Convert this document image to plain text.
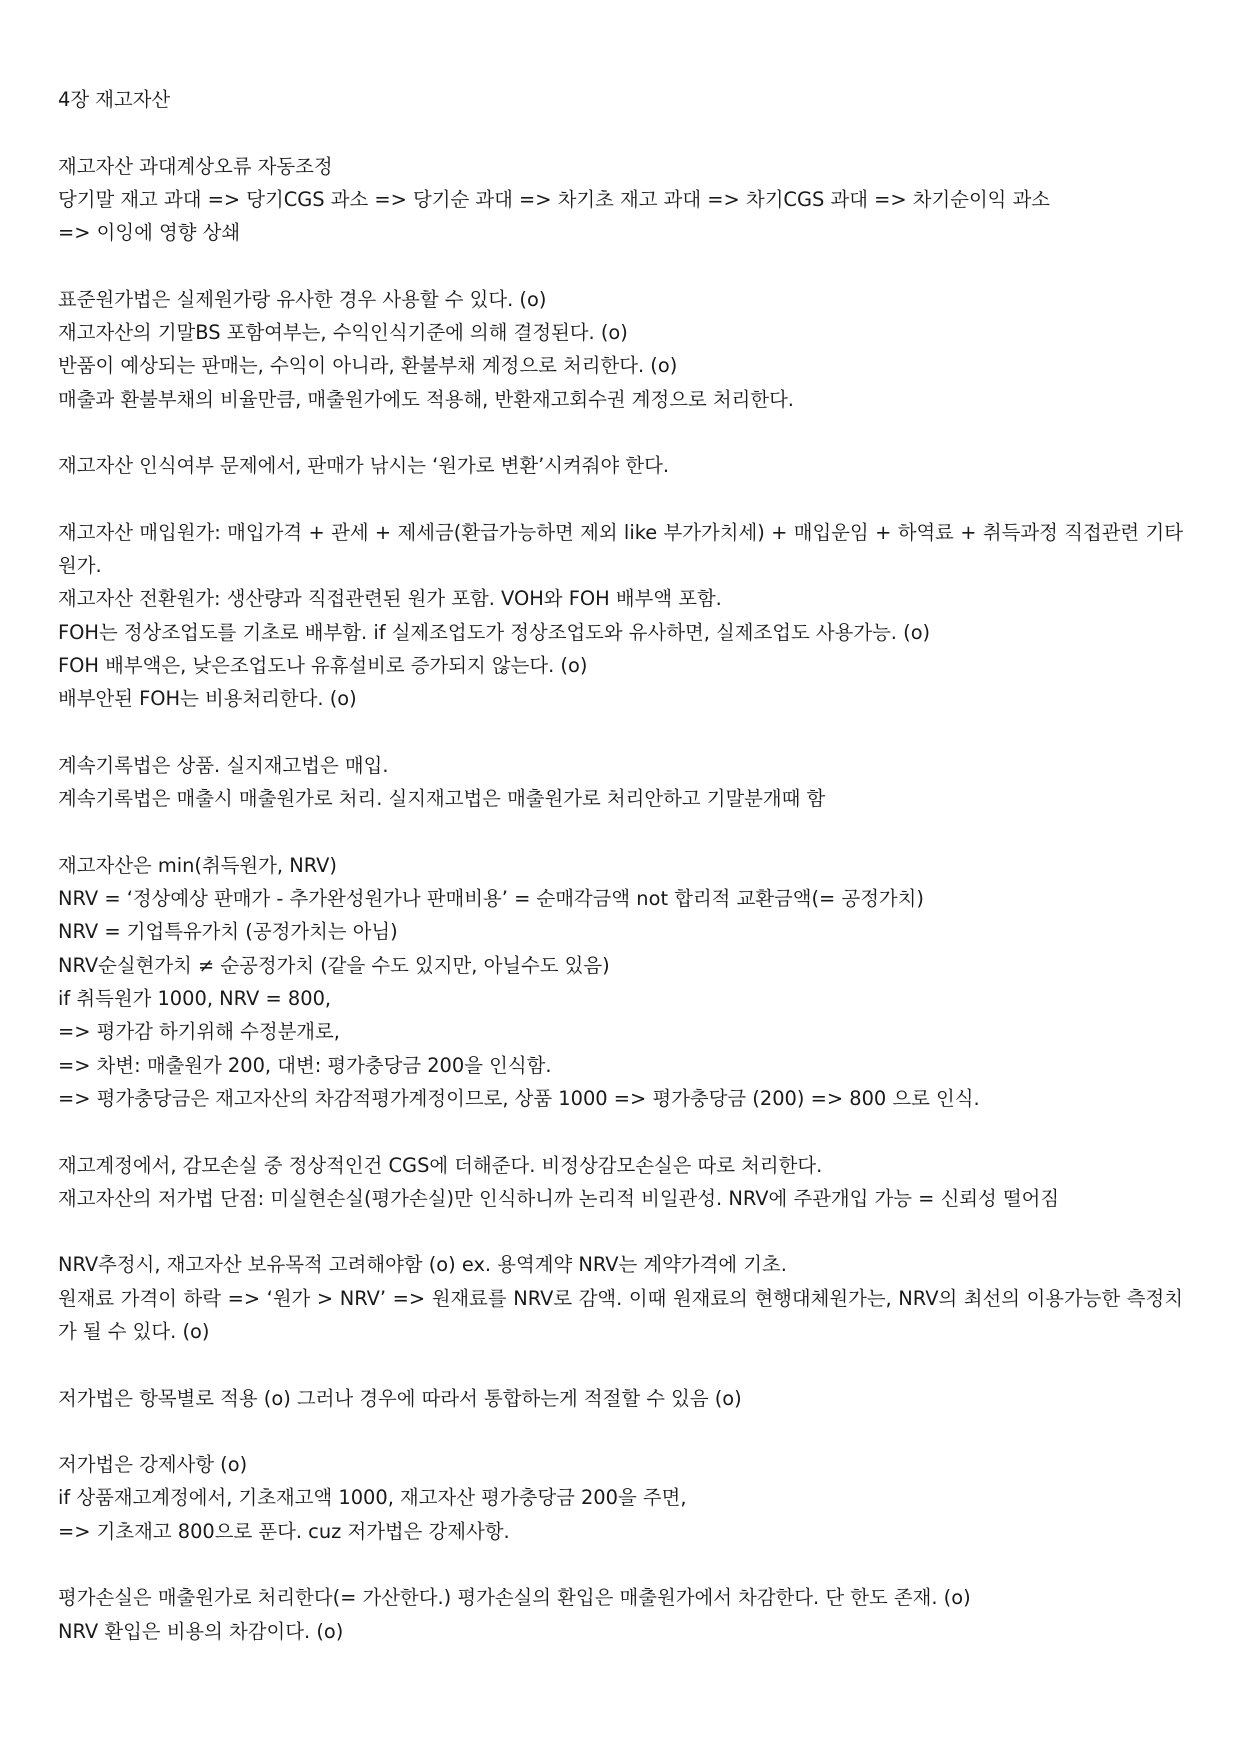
4장 재고자산

재고자산 과대계상오류 자동조정

당기말 재고 과대 => 당기CGS 과소 => 당기순 과대 => 차기초 재고 과대 => 차기CGS 과대 => 차기순이익 과소

=> 이잉에 영향 상쇄

표준원가법은 실제원가랑 유사한 경우 사용할 수 있다. (o)

재고자산의 기말BS 포함여부는, 수익인식기준에 의해 결정된다. (o)

반품이 예상되는 판매는, 수익이 아니라, 환불부채 계정으로 처리한다. (o)

매출과 환불부채의 비율만큼, 매출원가에도 적용해, 반환재고회수권 계정으로 처리한다.

재고자산 인식여부 문제에서, 판매가 낚시는 ‘원가로 변환’시켜줘야 한다.

재고자산 매입원가: 매입가격 + 관세 + 제세금(환급가능하면 제외 like 부가가치세) + 매입운임 + 하역료 + 취득과정 직접관련 기타원가.

재고자산 전환원가: 생산량과 직접관련된 원가 포함. VOH와 FOH 배부액 포함.

FOH는 정상조업도를 기초로 배부함. if 실제조업도가 정상조업도와 유사하면, 실제조업도 사용가능. (o)

FOH 배부액은, 낮은조업도나 유휴설비로 증가되지 않는다. (o)

배부안된 FOH는 비용처리한다. (o)

계속기록법은 상품. 실지재고법은 매입.

계속기록법은 매출시 매출원가로 처리. 실지재고법은 매출원가로 처리안하고 기말분개때 함

재고자산은 min(취득원가, NRV)

NRV = ‘정상예상 판매가 - 추가완성원가나 판매비용’ = 순매각금액 not 합리적 교환금액(= 공정가치)

NRV = 기업특유가치 (공정가치는 아님)

NRV순실현가치 ≠ 순공정가치 (같을 수도 있지만, 아닐수도 있음)

if 취득원가 1000, NRV = 800,

=> 평가감 하기위해 수정분개로,

=> 차변: 매출원가 200, 대변: 평가충당금 200을 인식함.

=> 평가충당금은 재고자산의 차감적평가계정이므로, 상품 1000 => 평가충당금 (200) => 800 으로 인식.

재고계정에서, 감모손실 중 정상적인건 CGS에 더해준다. 비정상감모손실은 따로 처리한다.

재고자산의 저가법 단점: 미실현손실(평가손실)만 인식하니까 논리적 비일관성. NRV에 주관개입 가능 = 신뢰성 떨어짐

NRV추정시, 재고자산 보유목적 고려해야함 (o) ex. 용역계약 NRV는 계약가격에 기초.

원재료 가격이 하락 => ‘원가 > NRV’ => 원재료를 NRV로 감액. 이때 원재료의 현행대체원가는, NRV의 최선의 이용가능한 측정치가 될 수 있다. (o)

저가법은 항목별로 적용 (o) 그러나 경우에 따라서 통합하는게 적절할 수 있음 (o)

저가법은 강제사항 (o)

if 상품재고계정에서, 기초재고액 1000, 재고자산 평가충당금 200을 주면,

=> 기초재고 800으로 푼다. cuz 저가법은 강제사항.

평가손실은 매출원가로 처리한다(= 가산한다.) 평가손실의 환입은 매출원가에서 차감한다. 단 한도 존재. (o)

NRV 환입은 비용의 차감이다. (o)
